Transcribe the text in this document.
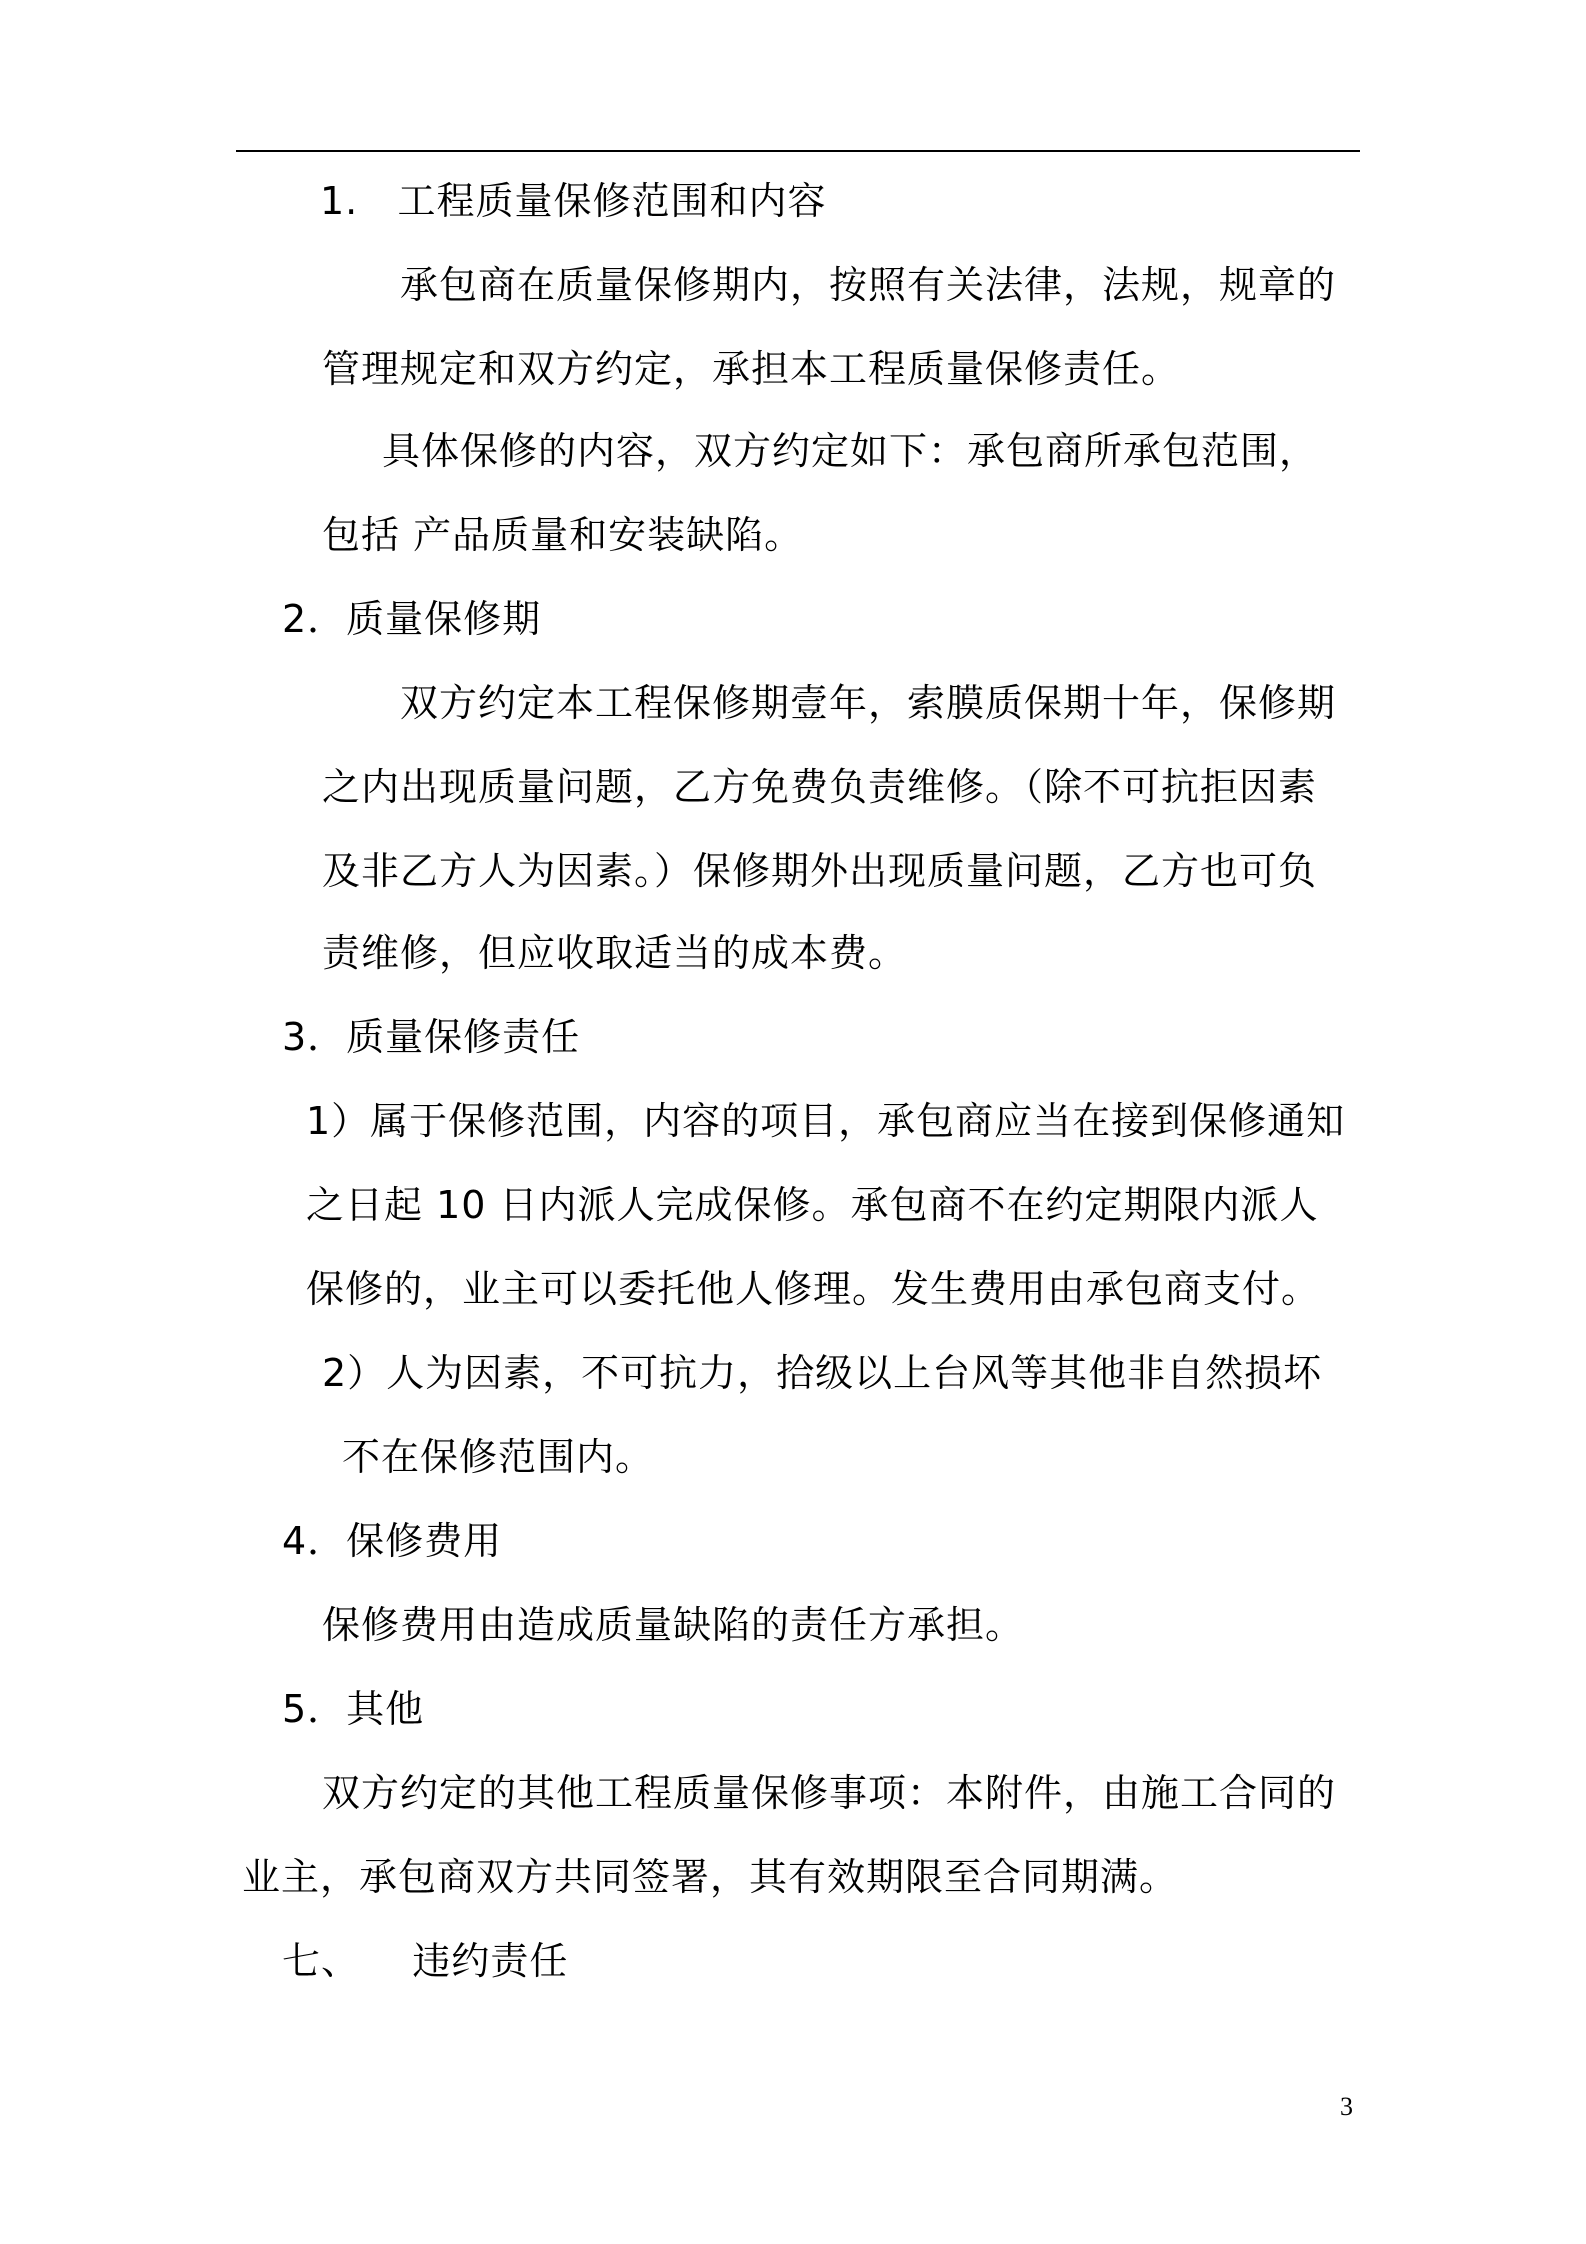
1.   工程质量保修范围和内容
承包商在质量保修期内，按照有关法律，法规，规章的
管理规定和双方约定，承担本工程质量保修责任。
具体保修的内容，双方约定如下：承包商所承包范围，
包括 产品质量和安装缺陷。
2．质量保修期
双方约定本工程保修期壹年，索膜质保期十年，保修期
之内出现质量问题，乙方免费负责维修。（除不可抗拒因素
及非乙方人为因素。）保修期外出现质量问题，乙方也可负
责维修，但应收取适当的成本费。
3．质量保修责任
1）属于保修范围，内容的项目，承包商应当在接到保修通知
之日起 10 日内派人完成保修。承包商不在约定期限内派人
保修的，业主可以委托他人修理。发生费用由承包商支付。
2）人为因素，不可抗力，拾级以上台风等其他非自然损坏
不在保修范围内。
4．保修费用
保修费用由造成质量缺陷的责任方承担。
5．其他
双方约定的其他工程质量保修事项：本附件，由施工合同的
业主，承包商双方共同签署，其有效期限至合同期满。
七、    违约责任
3
